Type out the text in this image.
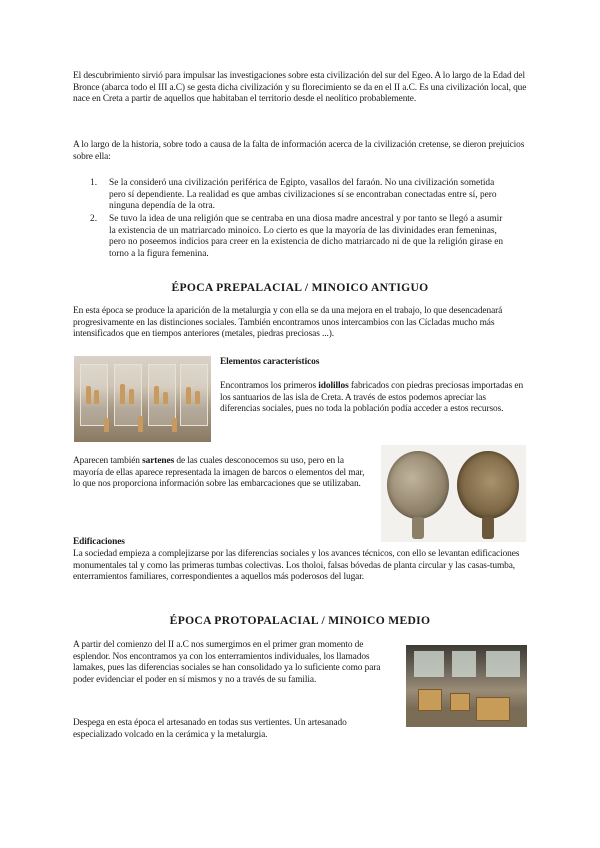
El descubrimiento sirvió para impulsar las investigaciones sobre esta civilización del sur del Egeo. A lo largo de la Edad del Bronce (abarca todo el III a.C) se gesta dicha civilización y su florecimiento se da en el II a.C. Es una civilización local, que nace en Creta a partir de aquellos que habitaban el territorio desde el neolítico probablemente.

A lo largo de la historia, sobre todo a causa de la falta de información acerca de la civilización cretense, se dieron prejuicios sobre ella:

1. Se la consideró una civilización periférica de Egipto, vasallos del faraón. No una civilización sometida pero sí dependiente. La realidad es que ambas civilizaciones sí se encontraban conectadas entre sí, pero ninguna dependía de la otra.
2. Se tuvo la idea de una religión que se centraba en una diosa madre ancestral y por tanto se llegó a asumir la existencia de un matriarcado minoico. Lo cierto es que la mayoría de las divinidades eran femeninas, pero no poseemos indicios para creer en la existencia de dicho matriarcado ni de que la religión girase en torno a la figura femenina.
ÉPOCA PREPALACIAL / MINOICO ANTIGUO

En esta época se produce la aparición de la metalurgia y con ella se da una mejora en el trabajo, lo que desencadenará progresivamente en las distinciones sociales. También encontramos unos intercambios con las Cícladas mucho más intensificados que en tiempos anteriores (metales, piedras preciosas ...).

Elementos característicos

Encontramos los primeros idolillos fabricados con piedras preciosas importadas en los santuarios de las isla de Creta. A través de estos podemos apreciar las diferencias sociales, pues no toda la población podía acceder a estos recursos.

Aparecen también sartenes de las cuales desconocemos su uso, pero en la mayoría de ellas aparece representada la imagen de barcos o elementos del mar, lo que nos proporciona información sobre las embarcaciones que se utilizaban.

Edificaciones

La sociedad empieza a complejizarse por las diferencias sociales y los avances técnicos, con ello se levantan edificaciones monumentales tal y como las primeras tumbas colectivas. Los tholoi, falsas bóvedas de planta circular y las casas-tumba, enterramientos familiares, correspondientes a aquellos más poderosos del lugar.

ÉPOCA PROTOPALACIAL / MINOICO MEDIO

A partir del comienzo del II a.C nos sumergimos en el primer gran momento de esplendor. Nos encontramos ya con los enterramientos individuales, los llamados lamakes, pues las diferencias sociales se han consolidado ya lo suficiente como para poder evidenciar el poder en sí mismos y no a través de su familia.

Despega en esta época el artesanado en todas sus vertientes. Un artesanado especializado volcado en la cerámica y la metalurgia.
